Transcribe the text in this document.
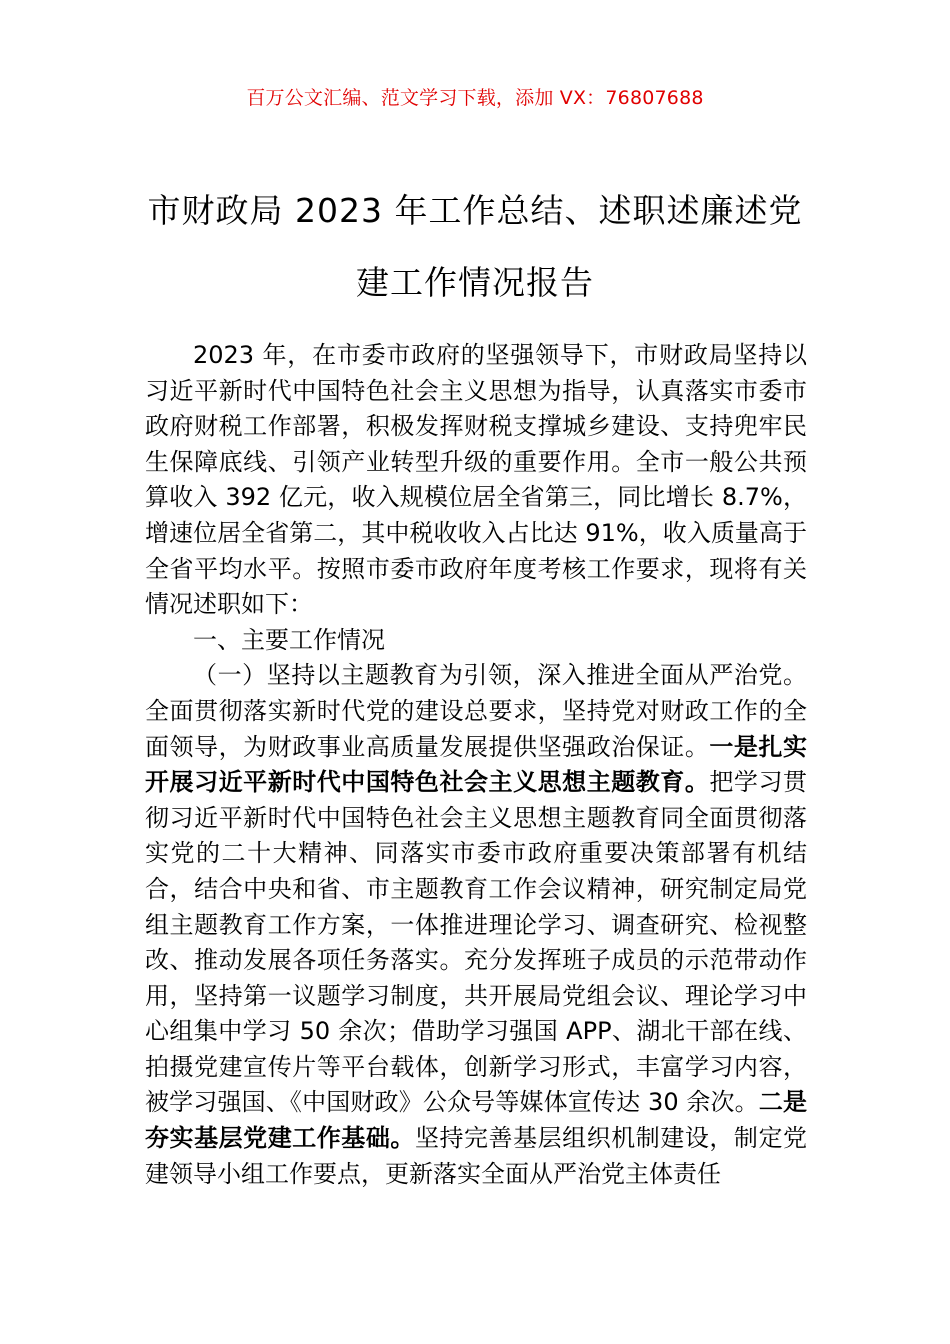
百万公文汇编、范文学习下载，添加 VX：76807688
市财政局 2023 年工作总结、述职述廉述党
建工作情况报告

2023 年，在市委市政府的坚强领导下，市财政局坚持以习近平新时代中国特色社会主义思想为指导，认真落实市委市政府财税工作部署，积极发挥财税支撑城乡建设、支持兜牢民生保障底线、引领产业转型升级的重要作用。全市一般公共预算收入 392 亿元，收入规模位居全省第三，同比增长 8.7%，增速位居全省第二，其中税收收入占比达 91%，收入质量高于全省平均水平。按照市委市政府年度考核工作要求，现将有关情况述职如下：

一、主要工作情况

（一）坚持以主题教育为引领，深入推进全面从严治党。全面贯彻落实新时代党的建设总要求，坚持党对财政工作的全面领导，为财政事业高质量发展提供坚强政治保证。一是扎实开展习近平新时代中国特色社会主义思想主题教育。把学习贯彻习近平新时代中国特色社会主义思想主题教育同全面贯彻落实党的二十大精神、同落实市委市政府重要决策部署有机结合，结合中央和省、市主题教育工作会议精神，研究制定局党组主题教育工作方案，一体推进理论学习、调查研究、检视整改、推动发展各项任务落实。充分发挥班子成员的示范带动作用，坚持第一议题学习制度，共开展局党组会议、理论学习中心组集中学习 50 余次；借助学习强国 APP、湖北干部在线、拍摄党建宣传片等平台载体，创新学习形式，丰富学习内容，被学习强国、《中国财政》公众号等媒体宣传达 30 余次。二是夯实基层党建工作基础。坚持完善基层组织机制建设，制定党建领导小组工作要点，更新落实全面从严治党主体责任
